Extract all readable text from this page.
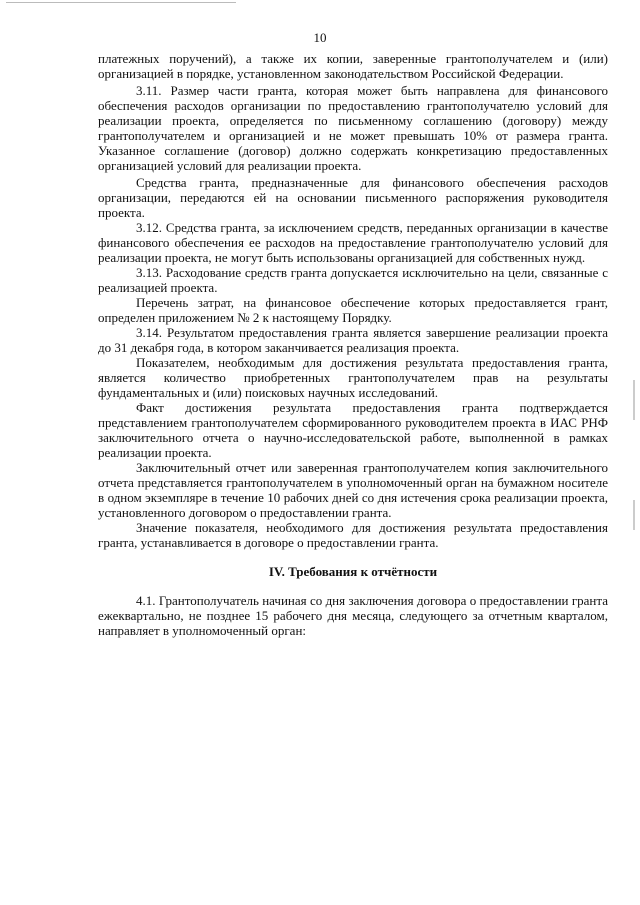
10

платежных поручений), а также их копии, заверенные грантополучателем и (или) организацией в порядке, установленном законодательством Российской Федерации.

3.11. Размер части гранта, которая может быть направлена для финансового обеспечения расходов организации по предоставлению грантополучателю условий для реализации проекта, определяется по письменному соглашению (договору) между грантополучателем и организацией и не может превышать 10% от размера гранта. Указанное соглашение (договор) должно содержать конкретизацию предоставленных организацией условий для реализации проекта.

Средства гранта, предназначенные для финансового обеспечения расходов организации, передаются ей на основании письменного распоряжения руководителя проекта.

3.12. Средства гранта, за исключением средств, переданных организации в качестве финансового обеспечения ее расходов на предоставление грантополучателю условий для реализации проекта, не могут быть использованы организацией для собственных нужд.

3.13. Расходование средств гранта допускается исключительно на цели, связанные с реализацией проекта.

Перечень затрат, на финансовое обеспечение которых предоставляется грант, определен приложением № 2 к настоящему Порядку.

3.14. Результатом предоставления гранта является завершение реализации проекта до 31 декабря года, в котором заканчивается реализация проекта.

Показателем, необходимым для достижения результата предоставления гранта, является количество приобретенных грантополучателем прав на результаты фундаментальных и (или) поисковых научных исследований.

Факт достижения результата предоставления гранта подтверждается представлением грантополучателем сформированного руководителем проекта в ИАС РНФ заключительного отчета о научно-исследовательской работе, выполненной в рамках реализации проекта.

Заключительный отчет или заверенная грантополучателем копия заключительного отчета представляется грантополучателем в уполномоченный орган на бумажном носителе в одном экземпляре в течение 10 рабочих дней со дня истечения срока реализации проекта, установленного договором о предоставлении гранта.

Значение показателя, необходимого для достижения результата предоставления гранта, устанавливается в договоре о предоставлении гранта.

IV. Требования к отчётности

4.1. Грантополучатель начиная со дня заключения договора о предоставлении гранта ежеквартально, не позднее 15 рабочего дня месяца, следующего за отчетным кварталом, направляет в уполномоченный орган:
